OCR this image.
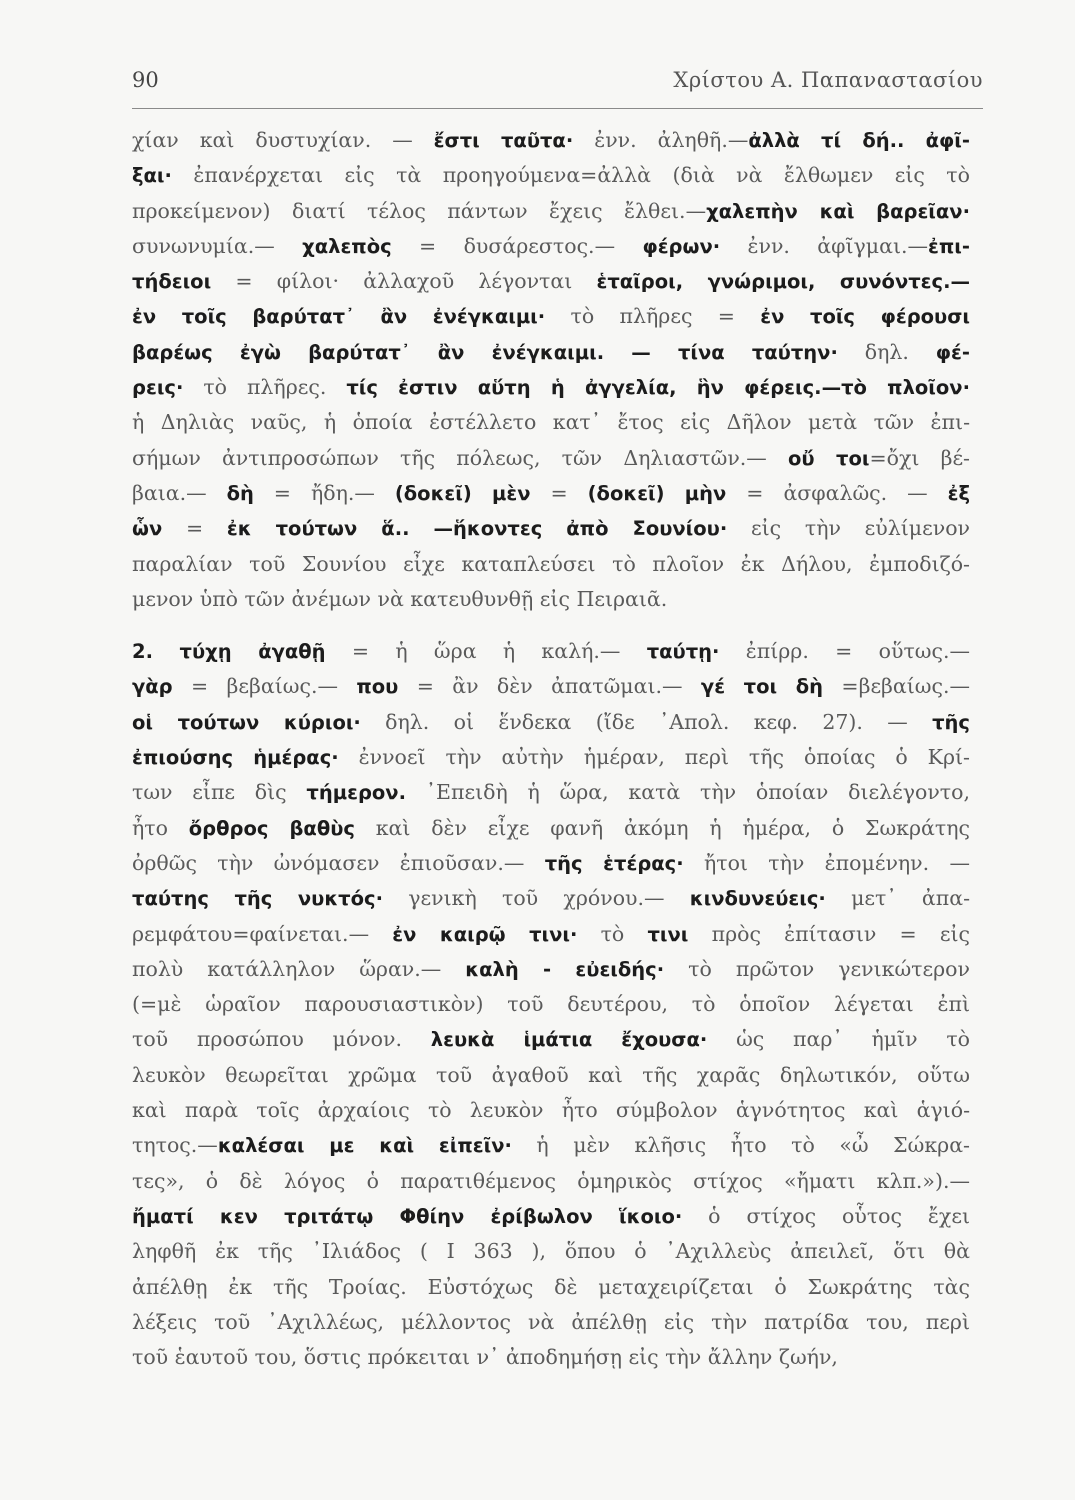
90	Χρίστου Α. Παπαναστασίου
χίαν καὶ δυστυχίαν. — ἔστι ταῦτα· ἐνν. ἀληθῆ.—ἀλλὰ τί δή.. ἀφῖ-
ξαι· ἐπανέρχεται εἰς τὰ προηγούμενα=ἀλλὰ (διὰ νὰ ἔλθωμεν εἰς τὸ
προκείμενον) διατί τέλος πάντων ἔχεις ἔλθει.—χαλεπὴν καὶ βαρεῖαν·
συνωνυμία.— χαλεπὸς = δυσάρεστος.— φέρων· ἐνν. ἀφῖγμαι.—ἐπι-
τήδειοι = φίλοι· ἀλλαχοῦ λέγονται ἑταῖροι, γνώριμοι, συνόντες.—
ἐν τοῖς βαρύτατ᾽ ἂν ἐνέγκαιμι· τὸ πλῆρες = ἐν τοῖς φέρουσι
βαρέως ἐγὼ βαρύτατ᾽ ἂν ἐνέγκαιμι. — τίνα ταύτην· δηλ. φέ-
ρεις· τὸ πλῆρες. τίς ἐστιν αὕτη ἡ ἀγγελία, ἣν φέρεις.—τὸ πλοῖον·
ἡ Δηλιὰς ναῦς, ἡ ὁποία ἐστέλλετο κατ᾽ ἔτος εἰς Δῆλον μετὰ τῶν ἐπι-
σήμων ἀντιπροσώπων τῆς πόλεως, τῶν Δηλιαστῶν.— οὔ τοι=ὄχι βέ-
βαια.— δὴ = ἤδη.— (δοκεῖ) μὲν = (δοκεῖ) μὴν = ἀσφαλῶς. — ἐξ
ὧν = ἐκ τούτων ἅ.. —ἥκοντες ἀπὸ Σουνίου· εἰς τὴν εὐλίμενον
παραλίαν τοῦ Σουνίου εἶχε καταπλεύσει τὸ πλοῖον ἐκ Δήλου, ἐμποδιζό-
μενον ὑπὸ τῶν ἀνέμων νὰ κατευθυνθῇ εἰς Πειραιᾶ.
2. τύχῃ ἀγαθῇ = ἡ ὥρα ἡ καλή.— ταύτῃ· ἐπίρρ. = οὕτως.—
γὰρ = βεβαίως.— που = ἂν δὲν ἀπατῶμαι.— γέ τοι δὴ =βεβαίως.—
οἱ τούτων κύριοι· δηλ. οἱ ἕνδεκα (ἴδε ᾿Απολ. κεφ. 27). — τῆς
ἐπιούσης ἡμέρας· ἐννοεῖ τὴν αὐτὴν ἡμέραν, περὶ τῆς ὁποίας ὁ Κρί-
των εἶπε δὶς τήμερον. ᾿Επειδὴ ἡ ὥρα, κατὰ τὴν ὁποίαν διελέγοντο,
ἦτο ὄρθρος βαθὺς καὶ δὲν εἶχε φανῆ ἀκόμη ἡ ἡμέρα, ὁ Σωκράτης
ὀρθῶς τὴν ὠνόμασεν ἐπιοῦσαν.— τῆς ἑτέρας· ἤτοι τὴν ἐπομένην. —
ταύτης τῆς νυκτός· γενικὴ τοῦ χρόνου.— κινδυνεύεις· μετ᾽ ἀπα-
ρεμφάτου=φαίνεται.— ἐν καιρῷ τινι· τὸ τινι πρὸς ἐπίτασιν = εἰς
πολὺ κατάλληλον ὥραν.— καλὴ - εὐειδής· τὸ πρῶτον γενικώτερον
(=μὲ ὡραῖον παρουσιαστικὸν) τοῦ δευτέρου, τὸ ὁποῖον λέγεται ἐπὶ
τοῦ προσώπου μόνον. λευκὰ ἱμάτια ἔχουσα· ὡς παρ᾽ ἡμῖν τὸ
λευκὸν θεωρεῖται χρῶμα τοῦ ἀγαθοῦ καὶ τῆς χαρᾶς δηλωτικόν, οὕτω
καὶ παρὰ τοῖς ἀρχαίοις τὸ λευκὸν ἦτο σύμβολον ἁγνότητος καὶ ἁγιό-
τητος.—καλέσαι με καὶ εἰπεῖν· ἡ μὲν κλῆσις ἦτο τὸ «ὦ Σώκρα-
τες», ὁ δὲ λόγος ὁ παρατιθέμενος ὁμηρικὸς στίχος «ἤματι κλπ.»).—
ἤματί κεν τριτάτῳ Φθίην ἐρίβωλον ἵκοιο· ὁ στίχος οὗτος ἔχει
ληφθῆ ἐκ τῆς ᾿Ιλιάδος ( Ι 363 ), ὅπου ὁ ᾿Αχιλλεὺς ἀπειλεῖ, ὅτι θὰ
ἀπέλθῃ ἐκ τῆς Τροίας. Εὐστόχως δὲ μεταχειρίζεται ὁ Σωκράτης τὰς
λέξεις τοῦ ᾿Αχιλλέως, μέλλοντος νὰ ἀπέλθῃ εἰς τὴν πατρίδα του, περὶ
τοῦ ἑαυτοῦ του, ὅστις πρόκειται ν᾽ ἀποδημήσῃ εἰς τὴν ἄλλην ζωήν,
